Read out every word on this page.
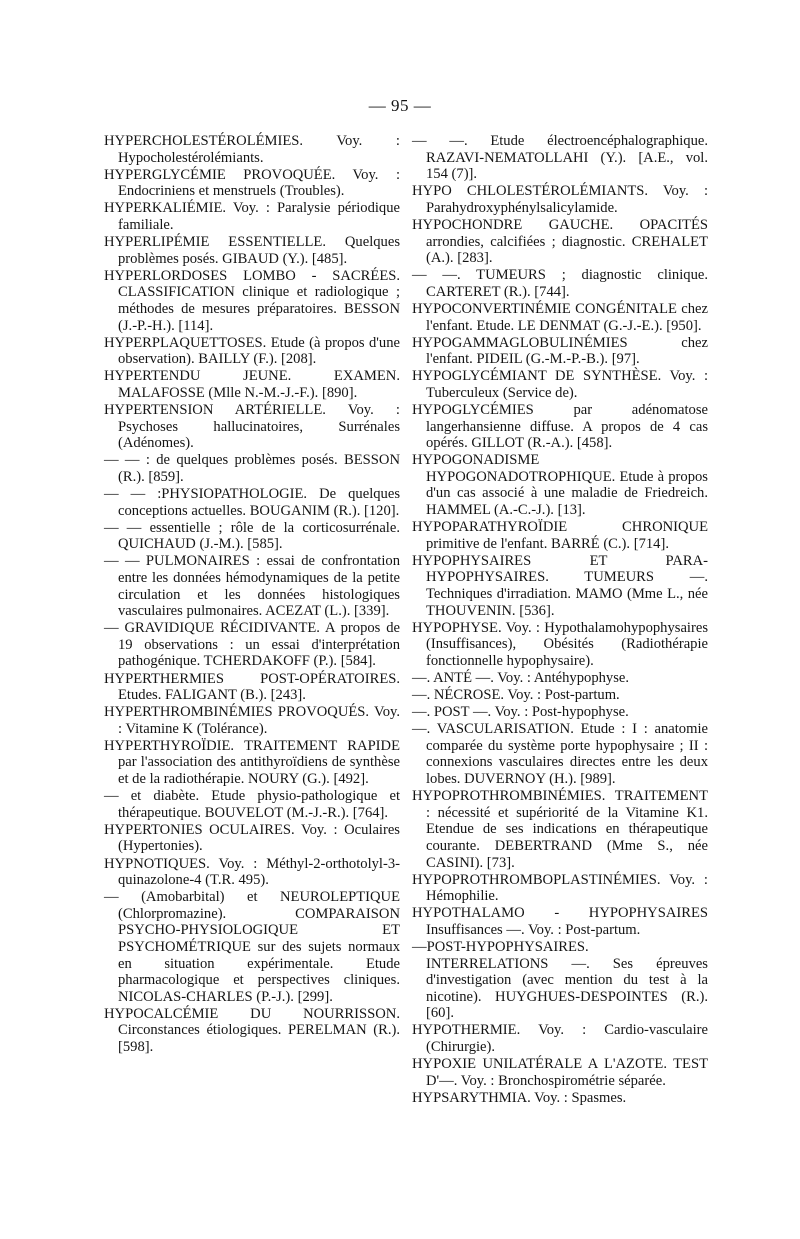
— 95 —

HYPERCHOLESTÉROLÉMIES. Voy. : Hypocholestérolémiants.

HYPERGLYCÉMIE PROVOQUÉE. Voy. : Endocriniens et menstruels (Troubles).

HYPERKALIÉMIE. Voy. : Paralysie périodique familiale.

HYPERLIPÉMIE ESSENTIELLE. Quelques problèmes posés. GIBAUD (Y.). [485].

HYPERLORDOSES LOMBO - SACRÉES. CLASSIFICATION clinique et radiologique ; méthodes de mesures préparatoires. BESSON (J.-P.-H.). [114].

HYPERPLAQUETTOSES. Etude (à propos d'une observation). BAILLY (F.). [208].

HYPERTENDU JEUNE. EXAMEN. MALAFOSSE (Mlle N.-M.-J.-F.). [890].

HYPERTENSION ARTÉRIELLE. Voy. : Psychoses hallucinatoires, Surrénales (Adénomes).

— — : de quelques problèmes posés. BESSON (R.). [859].

— — :PHYSIOPATHOLOGIE. De quelques conceptions actuelles. BOUGANIM (R.). [120].

— — essentielle ; rôle de la corticosurrénale. QUICHAUD (J.-M.). [585].

— — PULMONAIRES : essai de confrontation entre les données hémodynamiques de la petite circulation et les données histologiques vasculaires pulmonaires. ACEZAT (L.). [339].

— GRAVIDIQUE RÉCIDIVANTE. A propos de 19 observations : un essai d'interprétation pathogénique. TCHERDAKOFF (P.). [584].

HYPERTHERMIES POST-OPÉRATOIRES. Etudes. FALIGANT (B.). [243].

HYPERTHROMBINÉMIES PROVOQUÉS. Voy. : Vitamine K (Tolérance).

HYPERTHYROÏDIE. TRAITEMENT RAPIDE par l'association des antithyroïdiens de synthèse et de la radiothérapie. NOURY (G.). [492].

— et diabète. Etude physio-pathologique et thérapeutique. BOUVELOT (M.-J.-R.). [764].

HYPERTONIES OCULAIRES. Voy. : Oculaires (Hypertonies).

HYPNOTIQUES. Voy. : Méthyl-2-orthotolyl-3-quinazolone-4 (T.R. 495).

— (Amobarbital) et NEUROLEPTIQUE (Chlorpromazine). COMPARAISON PSYCHO-PHYSIOLOGIQUE ET PSYCHOMÉTRIQUE sur des sujets normaux en situation expérimentale. Etude pharmacologique et perspectives cliniques. NICOLAS-CHARLES (P.-J.). [299].

HYPOCALCÉMIE DU NOURRISSON. Circonstances étiologiques. PERELMAN (R.). [598].

— —. Etude électroencéphalographique. RAZAVI-NEMATOLLAHI (Y.). [A.E., vol. 154 (7)].

HYPO CHLOLESTÉROLÉMIANTS. Voy. : Parahydroxyphénylsalicylamide.

HYPOCHONDRE GAUCHE. OPACITÉS arrondies, calcifiées ; diagnostic. CREHALET (A.). [283].

— —. TUMEURS ; diagnostic clinique. CARTERET (R.). [744].

HYPOCONVERTINÉMIE CONGÉNITALE chez l'enfant. Etude. LE DENMAT (G.-J.-E.). [950].

HYPOGAMMAGLOBULINÉMIES chez l'enfant. PIDEIL (G.-M.-P.-B.). [97].

HYPOGLYCÉMIANT DE SYNTHÈSE. Voy. : Tuberculeux (Service de).

HYPOGLYCÉMIES par adénomatose langerhansienne diffuse. A propos de 4 cas opérés. GILLOT (R.-A.). [458].

HYPOGONADISME HYPOGONADOTROPHIQUE. Etude à propos d'un cas associé à une maladie de Friedreich. HAMMEL (A.-C.-J.). [13].

HYPOPARATHYROÏDIE CHRONIQUE primitive de l'enfant. BARRÉ (C.). [714].

HYPOPHYSAIRES ET PARA-HYPOPHYSAIRES. TUMEURS —. Techniques d'irradiation. MAMO (Mme L., née THOUVENIN. [536].

HYPOPHYSE. Voy. : Hypothalamohypophysaires (Insuffisances), Obésités (Radiothérapie fonctionnelle hypophysaire).

—. ANTÉ —. Voy. : Antéhypophyse.

—. NÉCROSE. Voy. : Post-partum.

—. POST —. Voy. : Post-hypophyse.

—. VASCULARISATION. Etude : I : anatomie comparée du système porte hypophysaire ; II : connexions vasculaires directes entre les deux lobes. DUVERNOY (H.). [989].

HYPOPROTHROMBINÉMIES. TRAITEMENT : nécessité et supériorité de la Vitamine K1. Etendue de ses indications en thérapeutique courante. DEBERTRAND (Mme S., née CASINI). [73].

HYPOPROTHROMBOPLASTINÉMIES. Voy. : Hémophilie.

HYPOTHALAMO - HYPOPHYSAIRES Insuffisances —. Voy. : Post-partum.

—POST-HYPOPHYSAIRES. INTERRELATIONS —. Ses épreuves d'investigation (avec mention du test à la nicotine). HUYGHUES-DESPOINTES (R.). [60].

HYPOTHERMIE. Voy. : Cardio-vasculaire (Chirurgie).

HYPOXIE UNILATÉRALE A L'AZOTE. TEST D'—. Voy. : Bronchospirométrie séparée.

HYPSARYTHMIA. Voy. : Spasmes.
